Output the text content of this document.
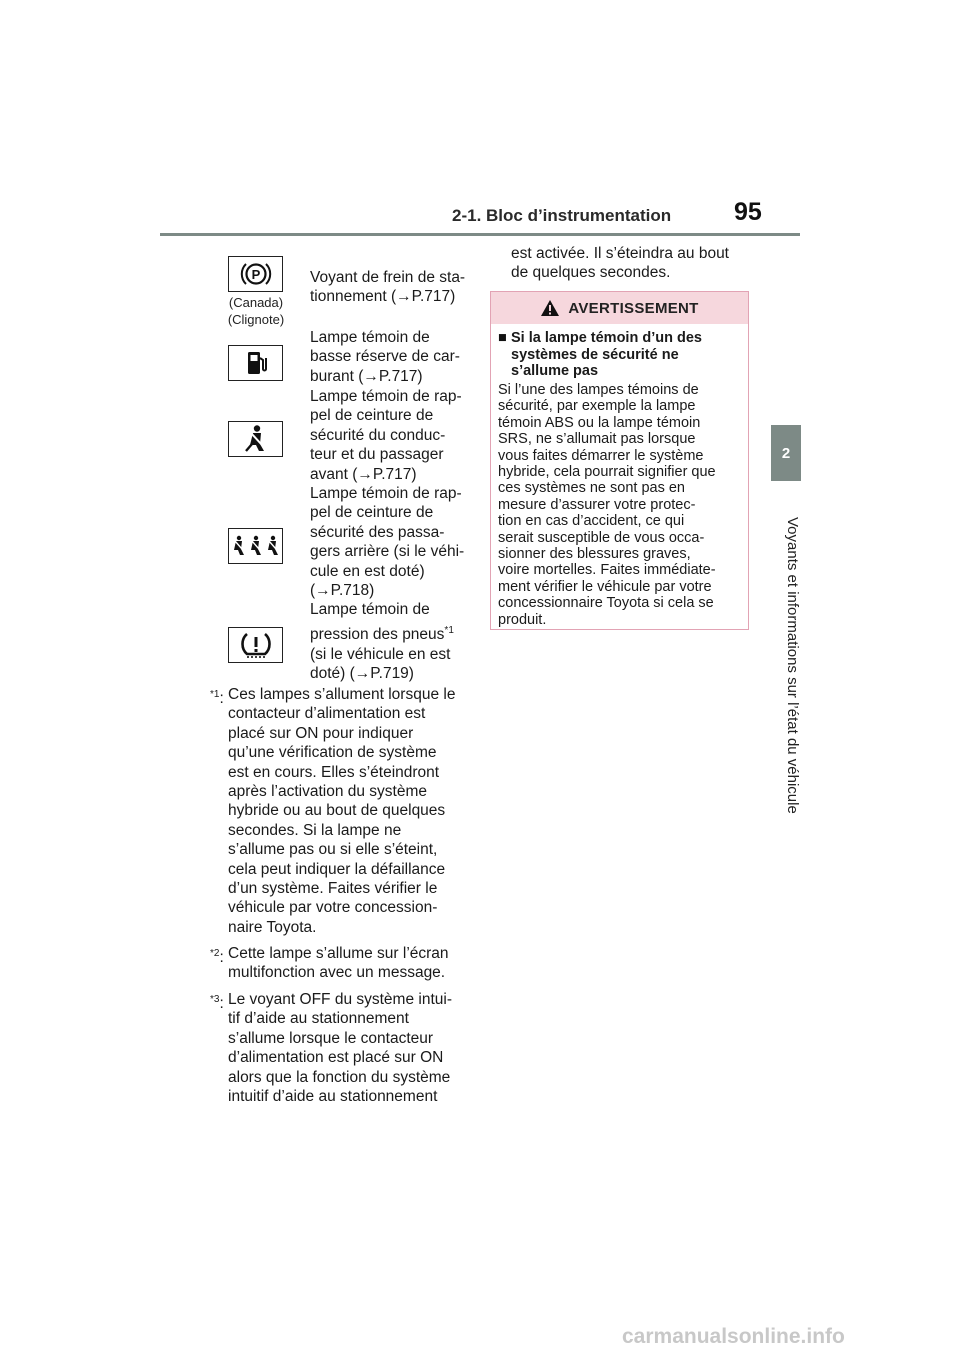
2-1. Bloc d’instrumentation	95
2
Voyants et informations sur l’état du véhicule
P
(Canada)
(Clignote)
Voyant de frein de sta-
tionnement (→P.717)
Lampe témoin de
basse réserve de car-
burant (→P.717)
Lampe témoin de rap-
pel de ceinture de
sécurité du conduc-
teur et du passager
avant (→P.717)
Lampe témoin de rap-
pel de ceinture de
sécurité des passa-
gers arrière (si le véhi-
cule en est doté)
(→P.718)
Lampe témoin de
pression des pneus$^{*1}$
(si le véhicule en est
doté) (→P.719)
$^{*1}$: Ces lampes s’allument lorsque le
contacteur d’alimentation est
placé sur ON pour indiquer
qu’une vérification de système
est en cours. Elles s’éteindront
après l’activation du système
hybride ou au bout de quelques
secondes. Si la lampe ne
s’allume pas ou si elle s’éteint,
cela peut indiquer la défaillance
d’un système. Faites vérifier le
véhicule par votre concession-
naire Toyota.
$^{*2}$: Cette lampe s’allume sur l’écran
multifonction avec un message.
$^{*3}$: Le voyant OFF du système intui-
tif d’aide au stationnement
s’allume lorsque le contacteur
d’alimentation est placé sur ON
alors que la fonction du système
intuitif d’aide au stationnement
est activée. Il s’éteindra au bout
de quelques secondes.
AVERTISSEMENT
■ Si la lampe témoin d’un des
systèmes de sécurité ne
s’allume pas
Si l’une des lampes témoins de
sécurité, par exemple la lampe
témoin ABS ou la lampe témoin
SRS, ne s’allumait pas lorsque
vous faites démarrer le système
hybride, cela pourrait signifier que
ces systèmes ne sont pas en
mesure d’assurer votre protec-
tion en cas d’accident, ce qui
serait susceptible de vous occa-
sionner des blessures graves,
voire mortelles. Faites immédiate-
ment vérifier le véhicule par votre
concessionnaire Toyota si cela se
produit.
carmanualsonline.info
